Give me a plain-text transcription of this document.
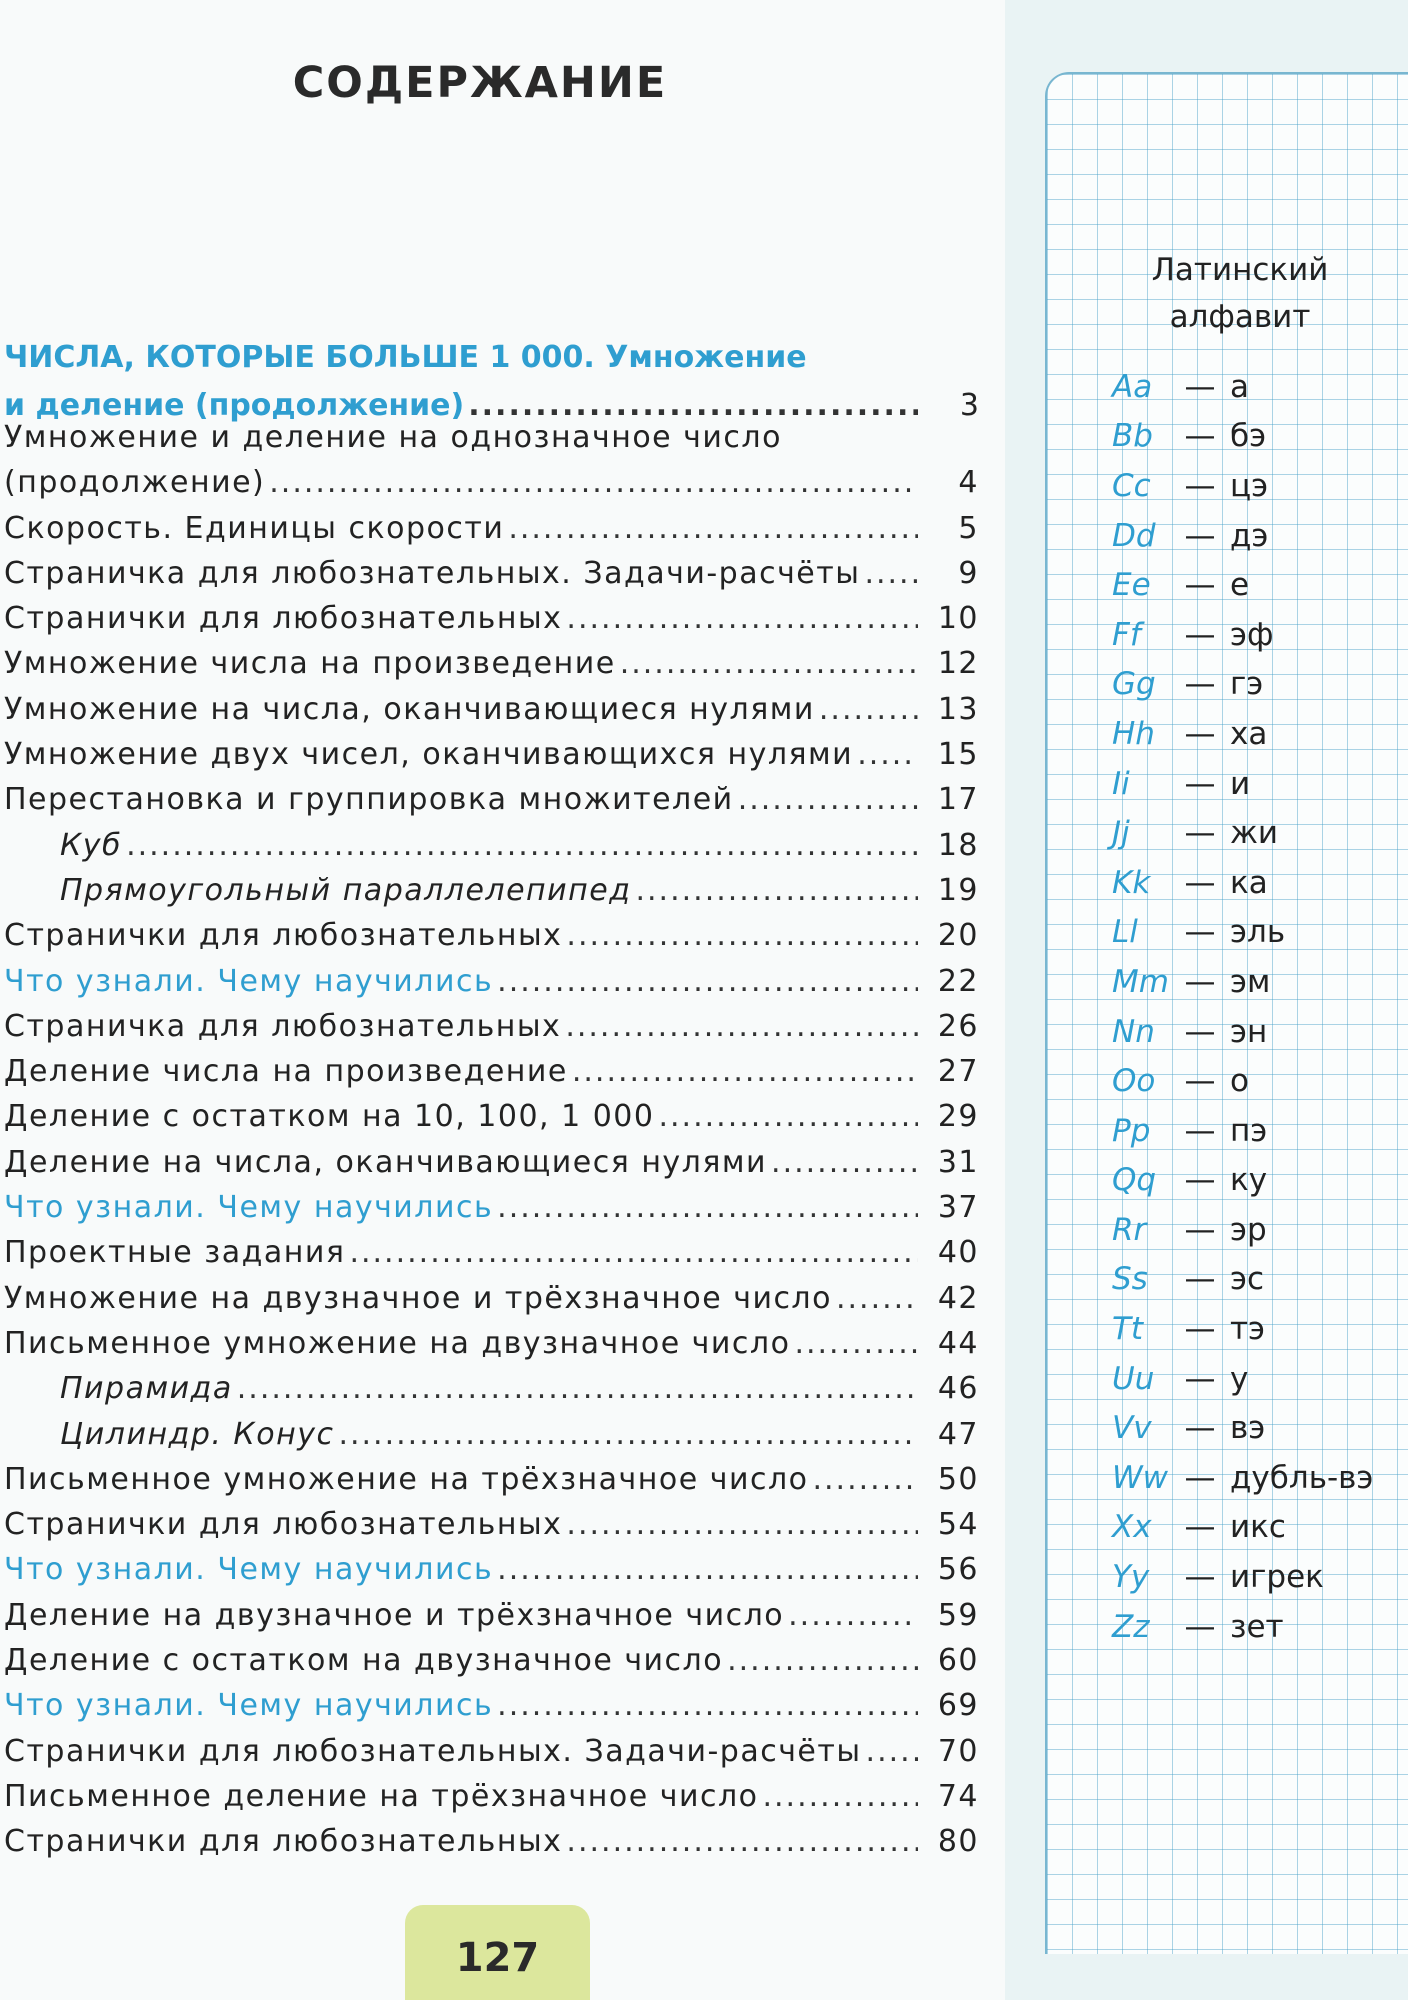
СОДЕРЖАНИЕ
ЧИСЛА, КОТОРЫЕ БОЛЬШЕ 1 000. Умножение
и деление (продолжение) .....	3
Умножение и деление на однозначное число
(продолжение) .....	4
Скорость. Единицы скорости .....	5
Страничка для любознательных. Задачи-расчёты .....	9
Странички для любознательных .....	10
Умножение числа на произведение .....	12
Умножение на числа, оканчивающиеся нулями .....	13
Умножение двух чисел, оканчивающихся нулями .....	15
Перестановка и группировка множителей .....	17
Куб .....	18
Прямоугольный параллелепипед .....	19
Странички для любознательных .....	20
Что узнали. Чему научились .....	22
Страничка для любознательных .....	26
Деление числа на произведение .....	27
Деление с остатком на 10, 100, 1 000 .....	29
Деление на числа, оканчивающиеся нулями .....	31
Что узнали. Чему научились .....	37
Проектные задания .....	40
Умножение на двузначное и трёхзначное число .....	42
Письменное умножение на двузначное число .....	44
Пирамида .....	46
Цилиндр. Конус .....	47
Письменное умножение на трёхзначное число .....	50
Странички для любознательных .....	54
Что узнали. Чему научились .....	56
Деление на двузначное и трёхзначное число .....	59
Деление с остатком на двузначное число .....	60
Что узнали. Чему научились .....	69
Странички для любознательных. Задачи-расчёты .....	70
Письменное деление на трёхзначное число .....	74
Странички для любознательных .....	80
127
Латинский
алфавит
Aa	— а
Bb	— бэ
Cc	— цэ
Dd — дэ
Ee	— е
Ff	— эф
Gg — гэ
Hh — ха
Ii	— и
Jj	— жи
Kk	— ка
Ll	— эль
Mm — эм
Nn — эн
Oo — о
Pp	— пэ
Qq — ку
Rr	— эр
Ss	— эс
Tt	— тэ
Uu — у
Vv	— вэ
Ww — дубль-вэ
Xx	— икс
Yy	— игрек
Zz	— зет
